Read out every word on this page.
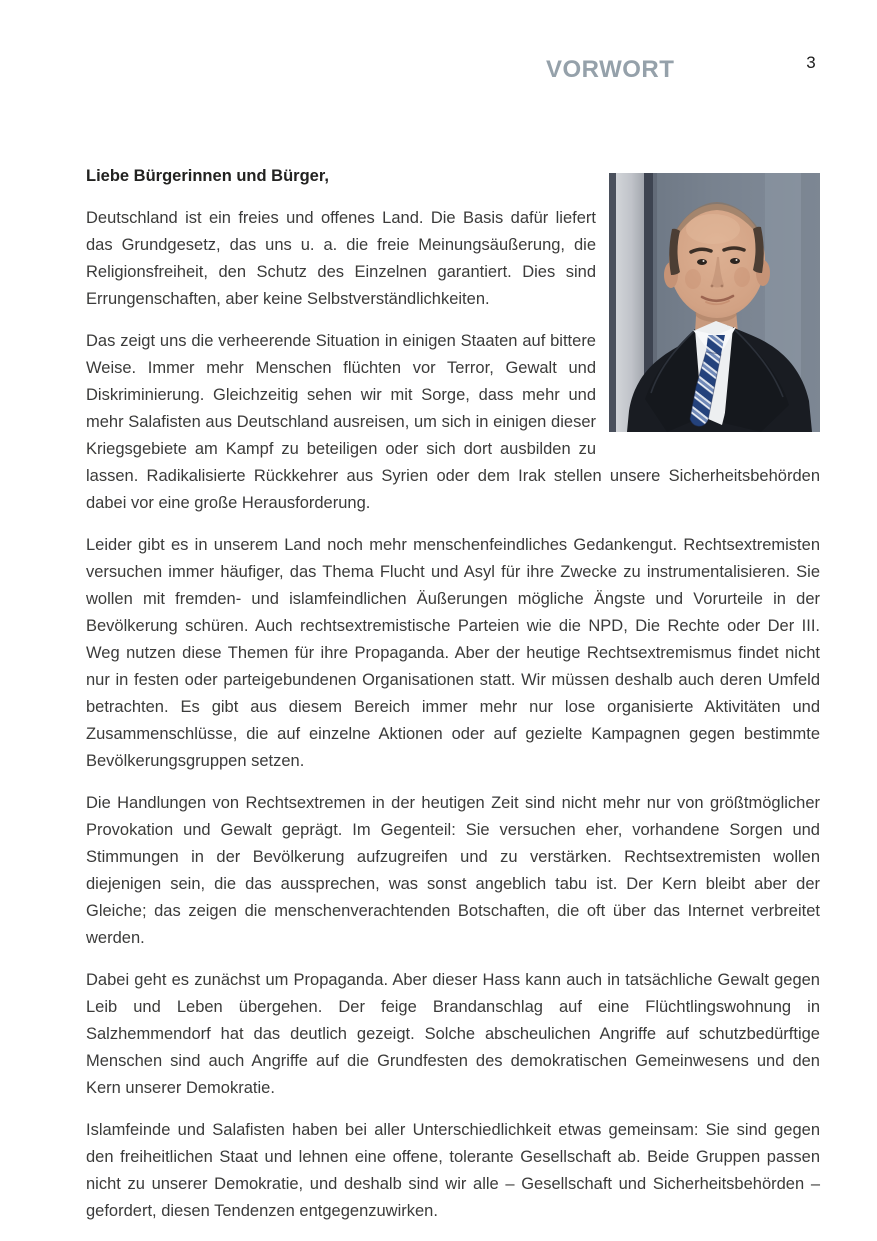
VORWORT	3

Liebe Bürgerinnen und Bürger,

Deutschland ist ein freies und offenes Land. Die Basis dafür liefert das Grundgesetz, das uns u. a. die freie Meinungsäußerung, die Religionsfreiheit, den Schutz des Einzelnen garantiert. Dies sind Errungenschaften, aber keine Selbstverständlichkeiten.

Das zeigt uns die verheerende Situation in einigen Staaten auf bittere Weise. Immer mehr Menschen flüchten vor Terror, Gewalt und Diskriminierung. Gleichzeitig sehen wir mit Sorge, dass mehr und mehr Salafisten aus Deutschland ausreisen, um sich in einigen dieser Kriegsgebiete am Kampf zu beteiligen oder sich dort ausbilden zu lassen. Radikalisierte Rückkehrer aus Syrien oder dem Irak stellen unsere Sicherheitsbehörden dabei vor eine große Herausforderung.

Leider gibt es in unserem Land noch mehr menschenfeindliches Gedankengut. Rechtsextremisten versuchen immer häufiger, das Thema Flucht und Asyl für ihre Zwecke zu instrumentalisieren. Sie wollen mit fremden- und islamfeindlichen Äußerungen mögliche Ängste und Vorurteile in der Bevölkerung schüren. Auch rechtsextremistische Parteien wie die NPD, Die Rechte oder Der III. Weg nutzen diese Themen für ihre Propaganda. Aber der heutige Rechtsextremismus findet nicht nur in festen oder parteigebundenen Organisationen statt. Wir müssen deshalb auch deren Umfeld betrachten. Es gibt aus diesem Bereich immer mehr nur lose organisierte Aktivitäten und Zusammenschlüsse, die auf einzelne Aktionen oder auf gezielte Kampagnen gegen bestimmte Bevölkerungsgruppen setzen.

Die Handlungen von Rechtsextremen in der heutigen Zeit sind nicht mehr nur von größtmöglicher Provokation und Gewalt geprägt. Im Gegenteil: Sie versuchen eher, vorhandene Sorgen und Stimmungen in der Bevölkerung aufzugreifen und zu verstärken. Rechtsextremisten wollen diejenigen sein, die das aussprechen, was sonst angeblich tabu ist. Der Kern bleibt aber der Gleiche; das zeigen die menschenverachtenden Botschaften, die oft über das Internet verbreitet werden.

Dabei geht es zunächst um Propaganda. Aber dieser Hass kann auch in tatsächliche Gewalt gegen Leib und Leben übergehen. Der feige Brandanschlag auf eine Flüchtlingswohnung in Salzhemmendorf hat das deutlich gezeigt. Solche abscheulichen Angriffe auf schutzbedürftige Menschen sind auch Angriffe auf die Grundfesten des demokratischen Gemeinwesens und den Kern unserer Demokratie.

Islamfeinde und Salafisten haben bei aller Unterschiedlichkeit etwas gemeinsam: Sie sind gegen den freiheitlichen Staat und lehnen eine offene, tolerante Gesellschaft ab. Beide Gruppen passen nicht zu unserer Demokratie, und deshalb sind wir alle – Gesellschaft und Sicherheitsbehörden – gefordert, diesen Tendenzen entgegenzuwirken.
